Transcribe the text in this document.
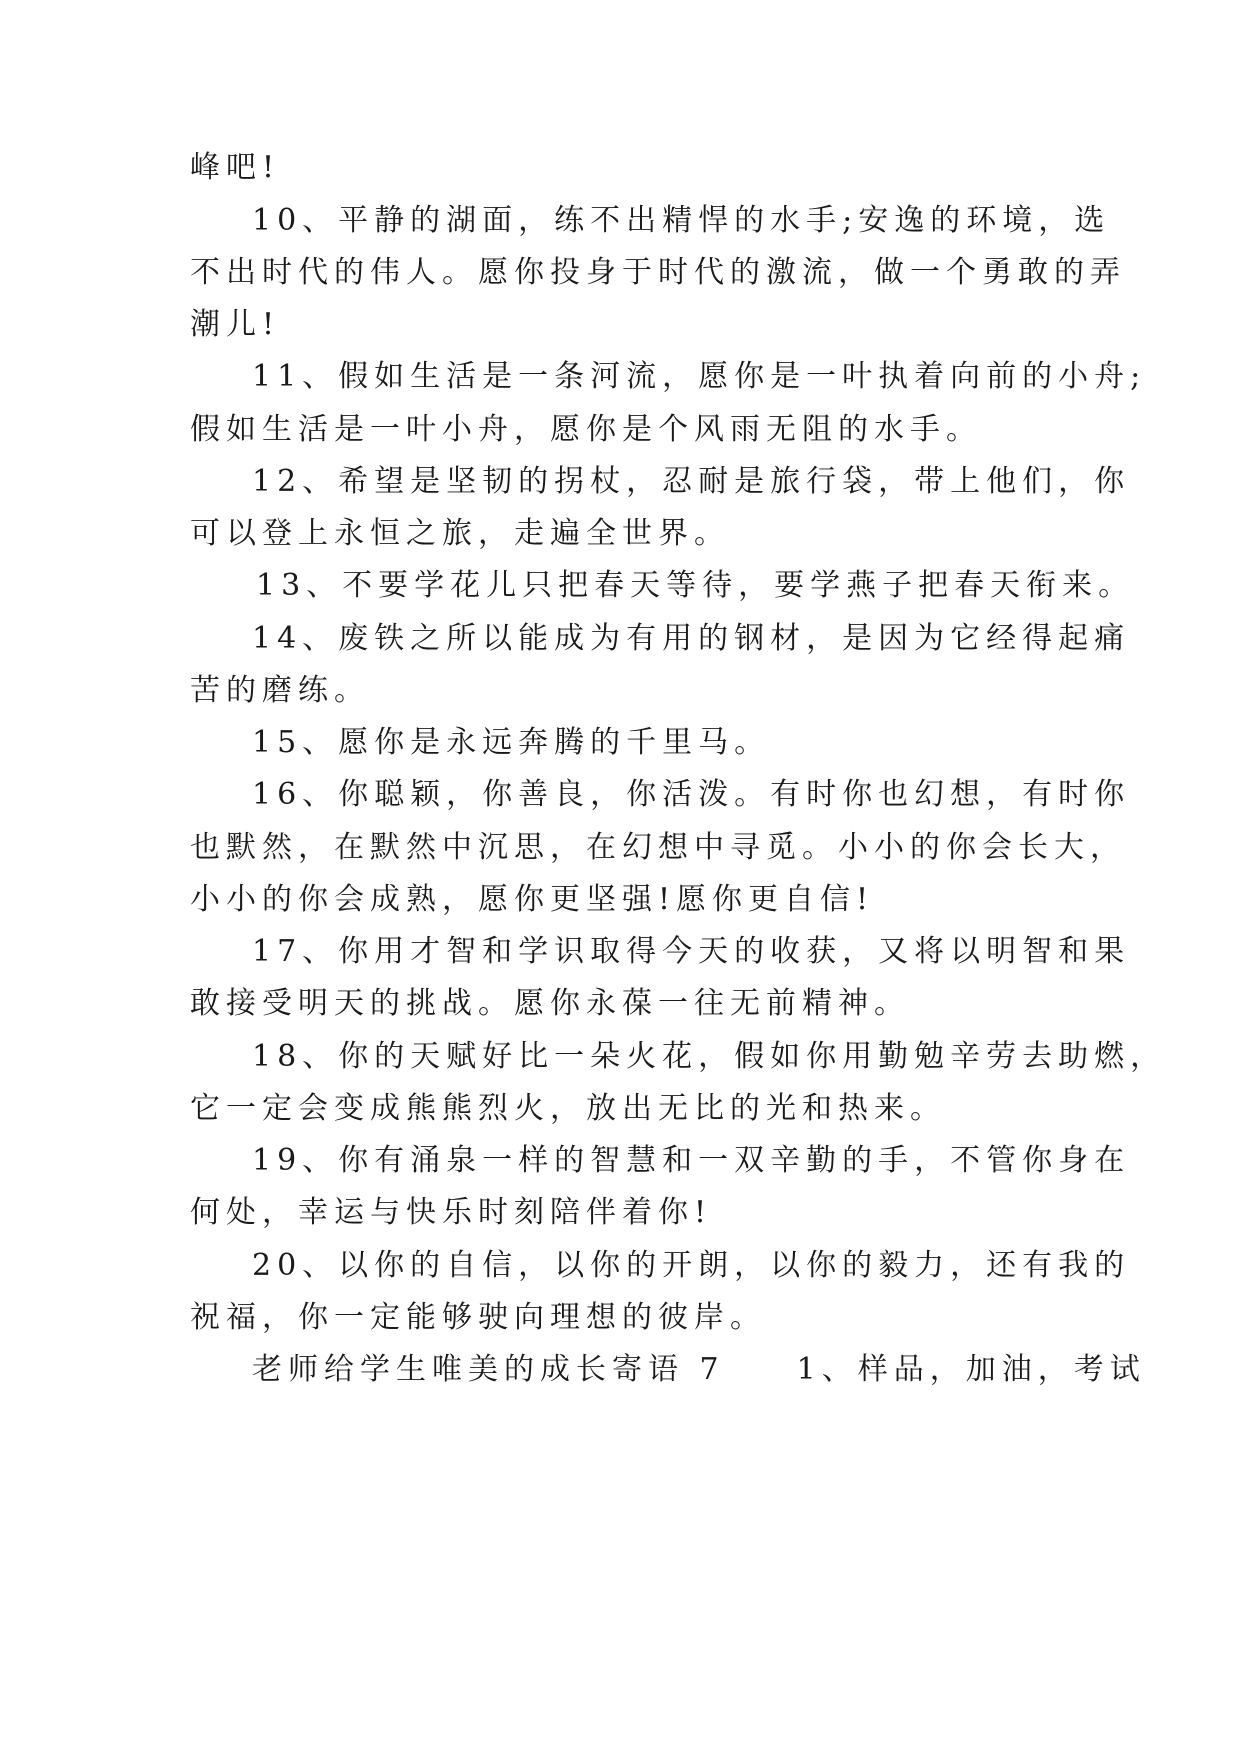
峰吧!
10、平静的湖面，练不出精悍的水手;安逸的环境，选
不出时代的伟人。愿你投身于时代的激流，做一个勇敢的弄
潮儿!
11、假如生活是一条河流，愿你是一叶执着向前的小舟;
假如生活是一叶小舟，愿你是个风雨无阻的水手。
12、希望是坚韧的拐杖，忍耐是旅行袋，带上他们，你
可以登上永恒之旅，走遍全世界。
13、不要学花儿只把春天等待，要学燕子把春天衔来。
14、废铁之所以能成为有用的钢材，是因为它经得起痛
苦的磨练。
15、愿你是永远奔腾的千里马。
16、你聪颖，你善良，你活泼。有时你也幻想，有时你
也默然，在默然中沉思，在幻想中寻觅。小小的你会长大，
小小的你会成熟，愿你更坚强!愿你更自信!
17、你用才智和学识取得今天的收获，又将以明智和果
敢接受明天的挑战。愿你永葆一往无前精神。
18、你的天赋好比一朵火花，假如你用勤勉辛劳去助燃，
它一定会变成熊熊烈火，放出无比的光和热来。
19、你有涌泉一样的智慧和一双辛勤的手，不管你身在
何处，幸运与快乐时刻陪伴着你!
20、以你的自信，以你的开朗，以你的毅力，还有我的
祝福，你一定能够驶向理想的彼岸。
老师给学生唯美的成长寄语 7　　1、样品，加油，考试
